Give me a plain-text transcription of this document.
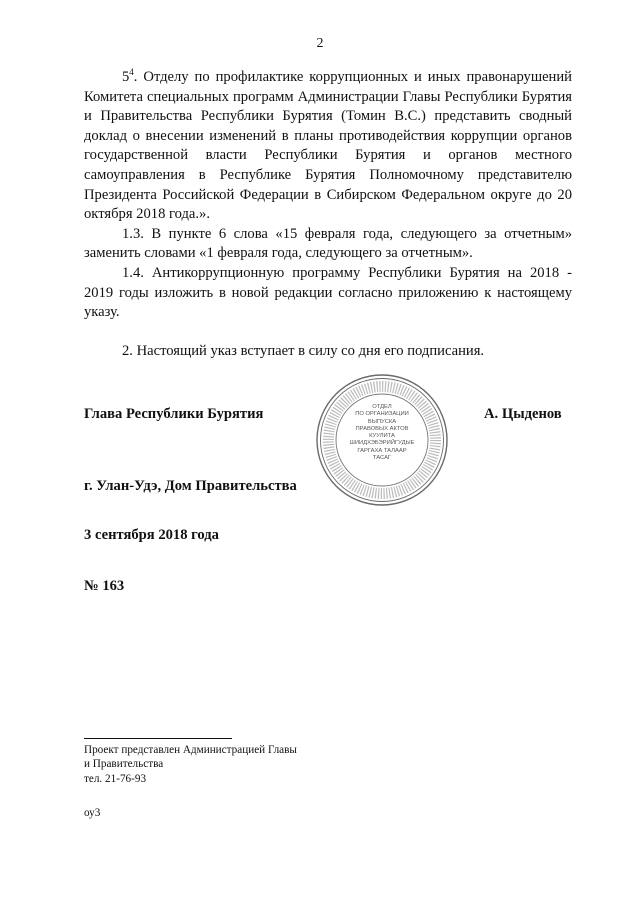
2

$5^4$. Отделу по профилактике коррупционных и иных правонарушений Комитета специальных программ Администрации Главы Республики Бурятия и Правительства Республики Бурятия (Томин В.С.) представить сводный доклад о внесении изменений в планы противодействия коррупции органов государственной власти Республики Бурятия и органов местного самоуправления в Республике Бурятия Полномочному представителю Президента Российской Федерации в Сибирском Федеральном округе до 20 октября 2018 года.».

1.3. В пункте 6 слова «15 февраля года, следующего за отчетным» заменить словами «1 февраля года, следующего за отчетным».

1.4. Антикоррупционную программу Республики Бурятия на 2018 - 2019 годы изложить в новой редакции согласно приложению к настоящему указу.

2. Настоящий указ вступает в силу со дня его подписания.

Глава Республики Бурятия	ОТДЕЛ
ПО ОРГАНИЗАЦИИ
ВЫПУСКА
ПРАВОВЫХ АКТОВ
КУУЛИТА
ШИИДХЭБЭРИЙГУДЫЕ
ГАРГАХА ТАЛААР
ТАСАГ
А. Цыденов
г. Улан-Удэ, Дом Правительства
3 сентября 2018 года
№ 163
Проект представлен Администрацией Главы
и Правительства
тел. 21-76-93
оу3
